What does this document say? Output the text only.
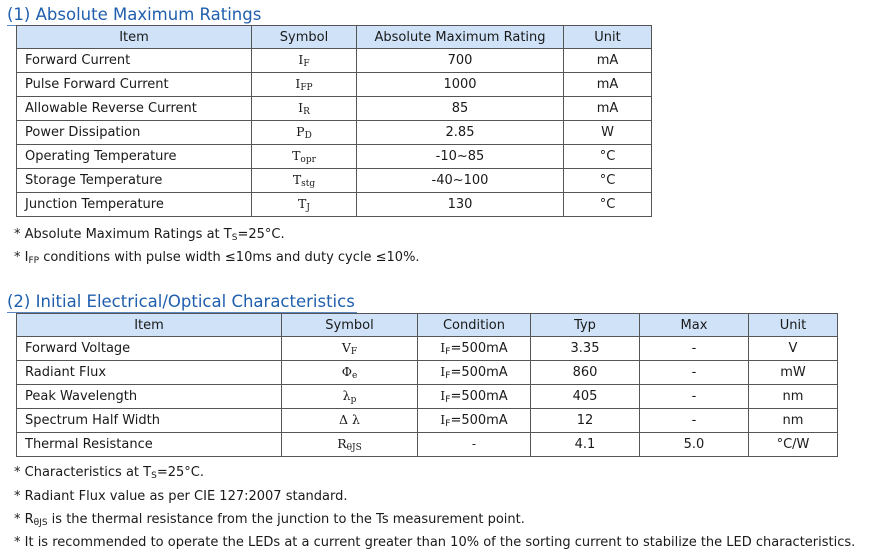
(1) Absolute Maximum Ratings
Item	Symbol	Absolute Maximum Rating	Unit
Forward Current	$I_F$	700	mA
Pulse Forward Current	$I_{FP}$	1000	mA
Allowable Reverse Current	$I_R$	85	mA
Power Dissipation	$P_D$	2.85	W
Operating Temperature	$T_{opr}$	-10~85	°C
Storage Temperature	$T_{stg}$	-40~100	°C
Junction Temperature	$T_J$	130	°C

* Absolute Maximum Ratings at $T_S=25^\circ C$.

* $I_{FP}$ conditions with pulse width ≤10ms and duty cycle ≤10%.

(2) Initial Electrical/Optical Characteristics
Item	Symbol	Condition	Typ	Max	Unit
Forward Voltage	$V_F$	$I_F=500mA$	3.35	-	V
Radiant Flux	$\Phi_e$	$I_F=500mA$	860	-	mW
Peak Wavelength	$\lambda_p$	$I_F=500mA$	405	-	nm
Spectrum Half Width	Δ λ	$I_F=500mA$	12	-	nm
Thermal Resistance	$R_{\theta JS}$	-	4.1	5.0	°C/W

* Characteristics at $T_S=25^\circ C$.

* Radiant Flux value as per CIE 127:2007 standard.

* $R_{\theta JS}$ is the thermal resistance from the junction to the Ts measurement point.

* It is recommended to operate the LEDs at a current greater than 10% of the sorting current to stabilize the LED characteristics.
